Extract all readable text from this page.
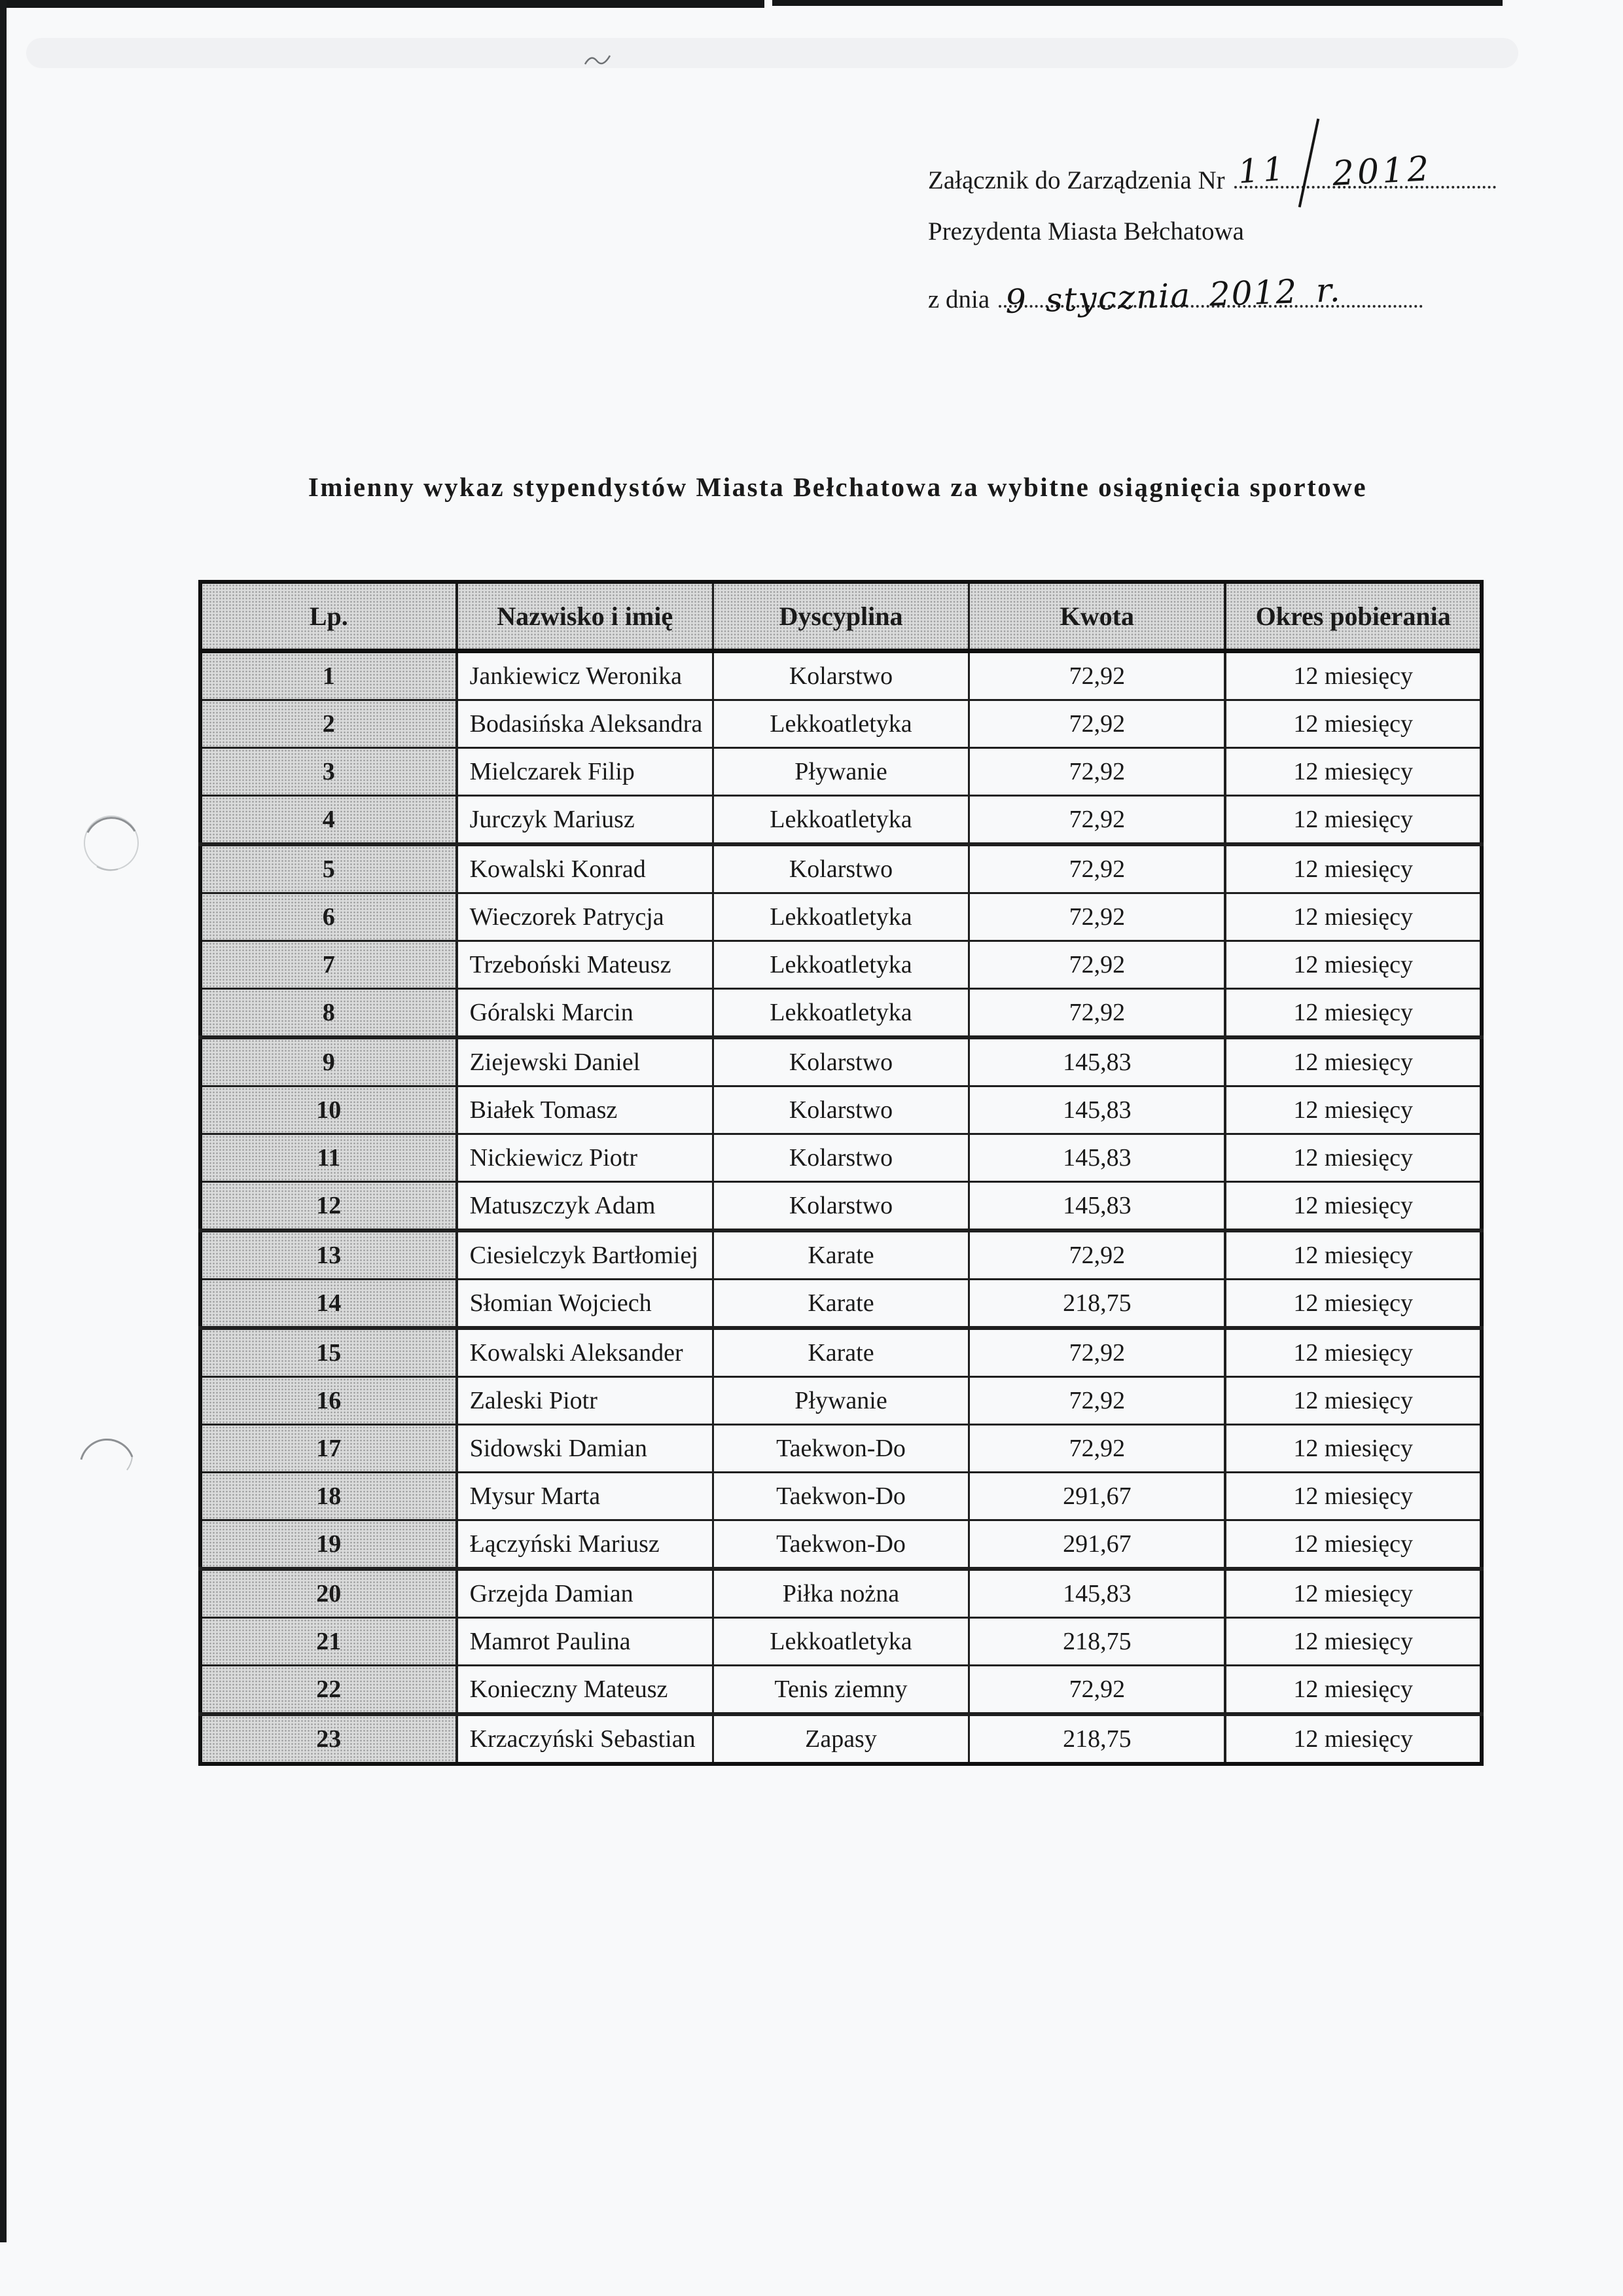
Załącznik do Zarządzenia Nr 11 2012
Prezydenta Miasta Bełchatowa
z dnia 9 stycznia 2012 r.
Imienny wykaz stypendystów Miasta Bełchatowa za wybitne osiągnięcia sportowe
Lp.	Nazwisko i imię	Dyscyplina	Kwota	Okres pobierania
1	Jankiewicz Weronika	Kolarstwo	72,92	12 miesięcy
2	Bodasińska Aleksandra	Lekkoatletyka	72,92	12 miesięcy
3	Mielczarek Filip	Pływanie	72,92	12 miesięcy
4	Jurczyk Mariusz	Lekkoatletyka	72,92	12 miesięcy
5	Kowalski Konrad	Kolarstwo	72,92	12 miesięcy
6	Wieczorek Patrycja	Lekkoatletyka	72,92	12 miesięcy
7	Trzeboński Mateusz	Lekkoatletyka	72,92	12 miesięcy
8	Góralski Marcin	Lekkoatletyka	72,92	12 miesięcy
9	Ziejewski Daniel	Kolarstwo	145,83	12 miesięcy
10	Białek Tomasz	Kolarstwo	145,83	12 miesięcy
11	Nickiewicz Piotr	Kolarstwo	145,83	12 miesięcy
12	Matuszczyk Adam	Kolarstwo	145,83	12 miesięcy
13	Ciesielczyk Bartłomiej	Karate	72,92	12 miesięcy
14	Słomian Wojciech	Karate	218,75	12 miesięcy
15	Kowalski Aleksander	Karate	72,92	12 miesięcy
16	Zaleski Piotr	Pływanie	72,92	12 miesięcy
17	Sidowski Damian	Taekwon-Do	72,92	12 miesięcy
18	Mysur Marta	Taekwon-Do	291,67	12 miesięcy
19	Łączyński Mariusz	Taekwon-Do	291,67	12 miesięcy
20	Grzejda Damian	Piłka nożna	145,83	12 miesięcy
21	Mamrot Paulina	Lekkoatletyka	218,75	12 miesięcy
22	Konieczny Mateusz	Tenis ziemny	72,92	12 miesięcy
23	Krzaczyński Sebastian	Zapasy	218,75	12 miesięcy
